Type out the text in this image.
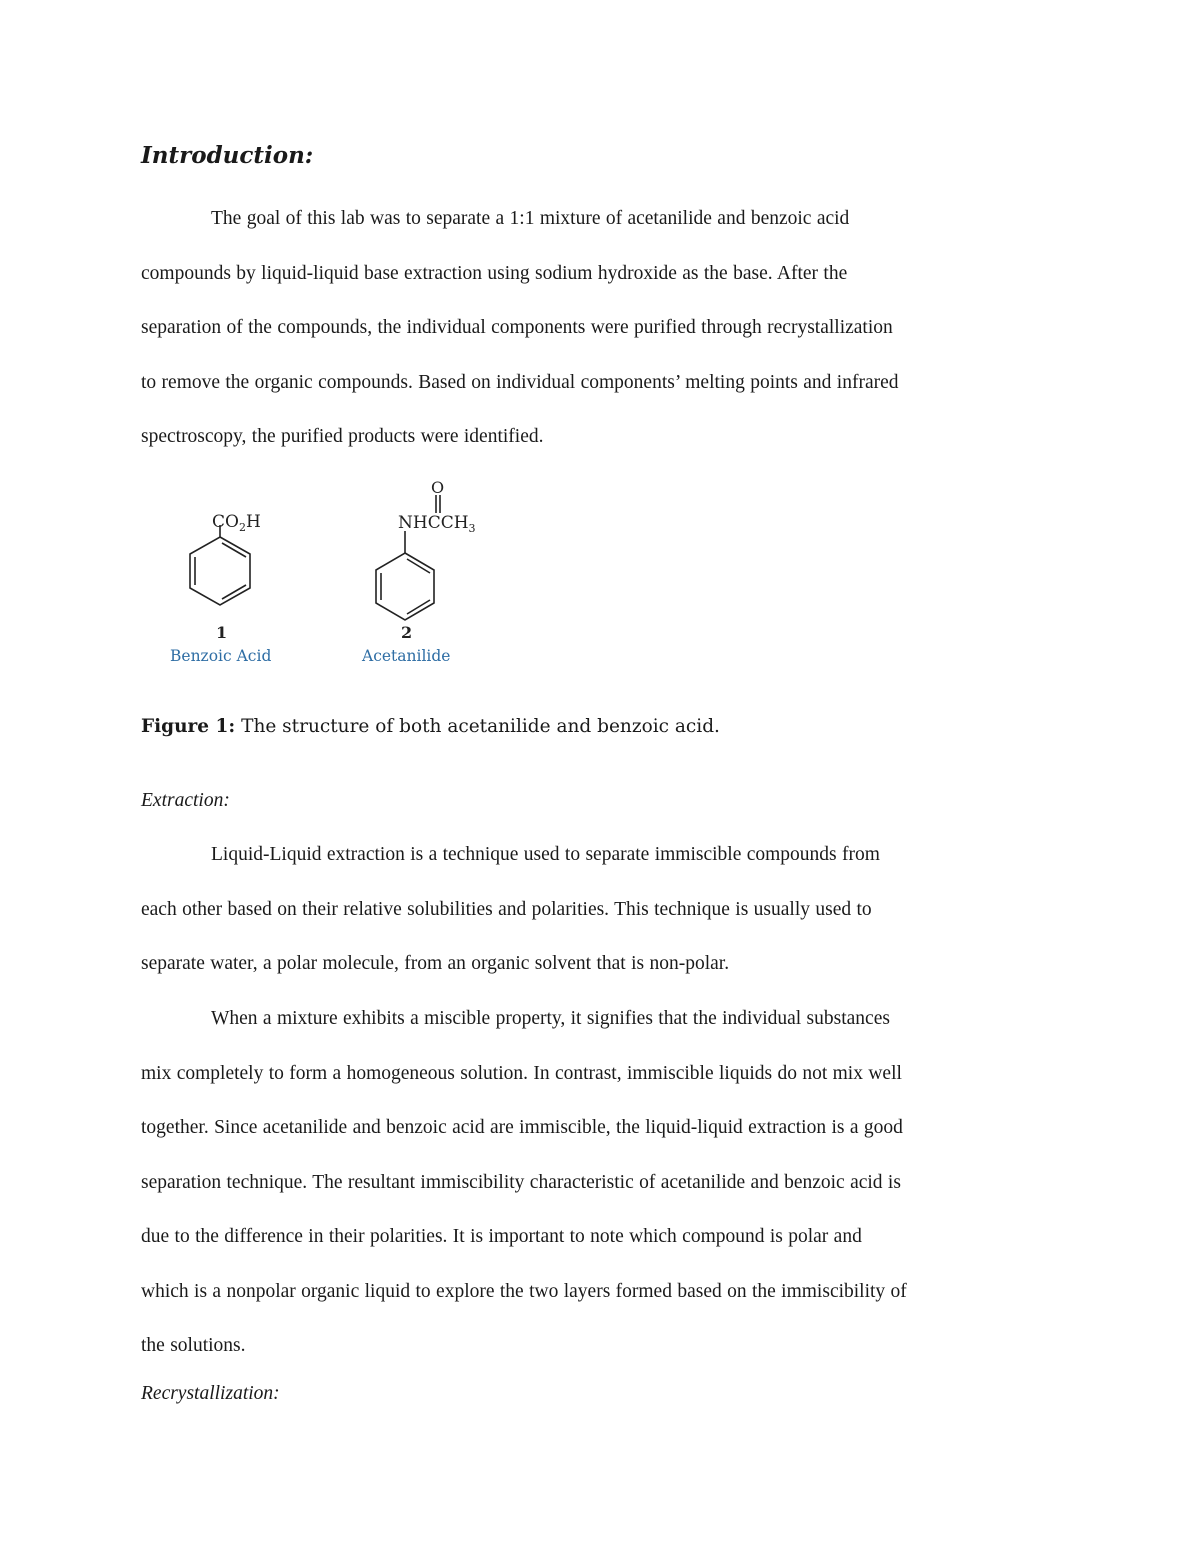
Introduction:

The goal of this lab was to separate a 1:1 mixture of acetanilide and benzoic acid
compounds by liquid-liquid base extraction using sodium hydroxide as the base. After the
separation of the compounds, the individual components were purified through recrystallization
to remove the organic compounds. Based on individual components’ melting points and infrared
spectroscopy, the purified products were identified.

$CO_2H$
1
Benzoic Acid
O
$NHCCH_3$
2
Acetanilide

Figure 1: The structure of both acetanilide and benzoic acid.

Extraction:

Liquid-Liquid extraction is a technique used to separate immiscible compounds from
each other based on their relative solubilities and polarities. This technique is usually used to
separate water, a polar molecule, from an organic solvent that is non-polar.

When a mixture exhibits a miscible property, it signifies that the individual substances
mix completely to form a homogeneous solution. In contrast, immiscible liquids do not mix well
together. Since acetanilide and benzoic acid are immiscible, the liquid-liquid extraction is a good
separation technique. The resultant immiscibility characteristic of acetanilide and benzoic acid is
due to the difference in their polarities. It is important to note which compound is polar and
which is a nonpolar organic liquid to explore the two layers formed based on the immiscibility of
the solutions.

Recrystallization:
